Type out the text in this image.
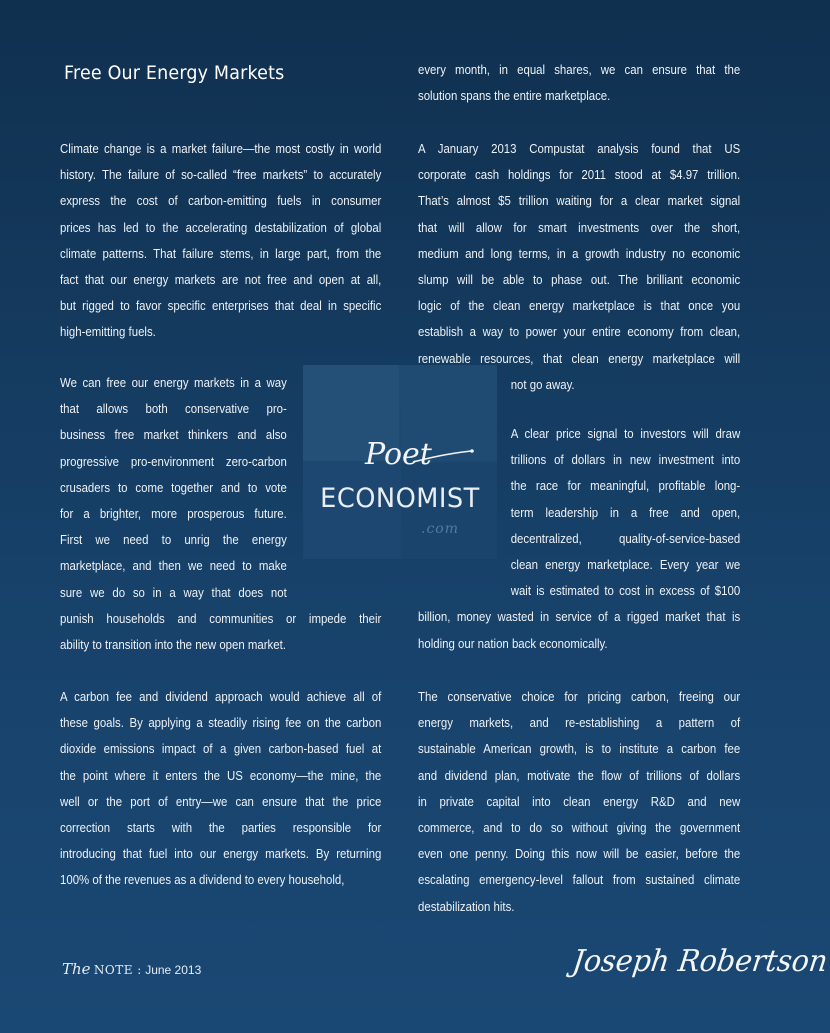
Free Our Energy Markets
Climate change is a market failure—the most costly in world
history. The failure of so-called “free markets” to accurately
express the cost of carbon-emitting fuels in consumer
prices has led to the accelerating destabilization of global
climate patterns. That failure stems, in large part, from the
fact that our energy markets are not free and open at all,
but rigged to favor specific enterprises that deal in specific
high-emitting fuels.
We can free our energy markets in a way
that allows both conservative pro-
business free market thinkers and also
progressive pro-environment zero-carbon
crusaders to come together and to vote
for a brighter, more prosperous future.
First we need to unrig the energy
marketplace, and then we need to make
sure we do so in a way that does not
punish households and communities or impede their
ability to transition into the new open market.
A carbon fee and dividend approach would achieve all of
these goals. By applying a steadily rising fee on the carbon
dioxide emissions impact of a given carbon-based fuel at
the point where it enters the US economy—the mine, the
well or the port of entry—we can ensure that the price
correction starts with the parties responsible for
introducing that fuel into our energy markets. By returning
100% of the revenues as a dividend to every household,
every month, in equal shares, we can ensure that the
solution spans the entire marketplace.
A January 2013 Compustat analysis found that US
corporate cash holdings for 2011 stood at $4.97 trillion.
That’s almost $5 trillion waiting for a clear market signal
that will allow for smart investments over the short,
medium and long terms, in a growth industry no economic
slump will be able to phase out. The brilliant economic
logic of the clean energy marketplace is that once you
establish a way to power your entire economy from clean,
renewable resources, that clean energy marketplace will
not go away.
A clear price signal to investors will draw
trillions of dollars in new investment into
the race for meaningful, profitable long-
term leadership in a free and open,
decentralized, quality-of-service-based
clean energy marketplace. Every year we
wait is estimated to cost in excess of $100
billion, money wasted in service of a rigged market that is
holding our nation back economically.
The conservative choice for pricing carbon, freeing our
energy markets, and re-establishing a pattern of
sustainable American growth, is to institute a carbon fee
and dividend plan, motivate the flow of trillions of dollars
in private capital into clean energy R&D and new
commerce, and to do so without giving the government
even one penny. Doing this now will be easier, before the
escalating emergency-level fallout from sustained climate
destabilization hits.
Poet
ECONOMIST
.com
The NOTE : June 2013	Joseph Robertson
